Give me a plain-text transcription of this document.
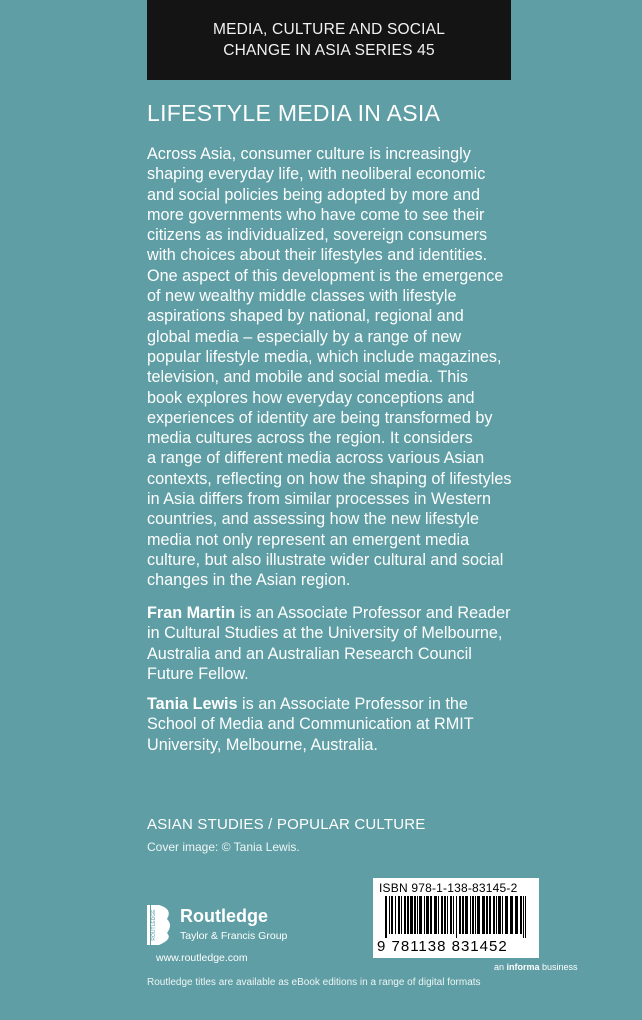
MEDIA, CULTURE AND SOCIAL
CHANGE IN ASIA SERIES 45
LIFESTYLE MEDIA IN ASIA
Across Asia, consumer culture is increasingly
shaping everyday life, with neoliberal economic
and social policies being adopted by more and
more governments who have come to see their
citizens as individualized, sovereign consumers
with choices about their lifestyles and identities.
One aspect of this development is the emergence
of new wealthy middle classes with lifestyle
aspirations shaped by national, regional and
global media – especially by a range of new
popular lifestyle media, which include magazines,
television, and mobile and social media. This
book explores how everyday conceptions and
experiences of identity are being transformed by
media cultures across the region. It considers
a range of different media across various Asian
contexts, reflecting on how the shaping of lifestyles
in Asia differs from similar processes in Western
countries, and assessing how the new lifestyle
media not only represent an emergent media
culture, but also illustrate wider cultural and social
changes in the Asian region.
Fran Martin is an Associate Professor and Reader
in Cultural Studies at the University of Melbourne,
Australia and an Australian Research Council
Future Fellow.
Tania Lewis is an Associate Professor in the
School of Media and Communication at RMIT
University, Melbourne, Australia.
ASIAN STUDIES / POPULAR CULTURE
Cover image: © Tania Lewis.
ROUTLEDGE Routledge
Taylor & Francis Group
www.routledge.com
ISBN 978-1-138-83145-2
9 781138 831452
an informa business
Routledge titles are available as eBook editions in a range of digital formats
